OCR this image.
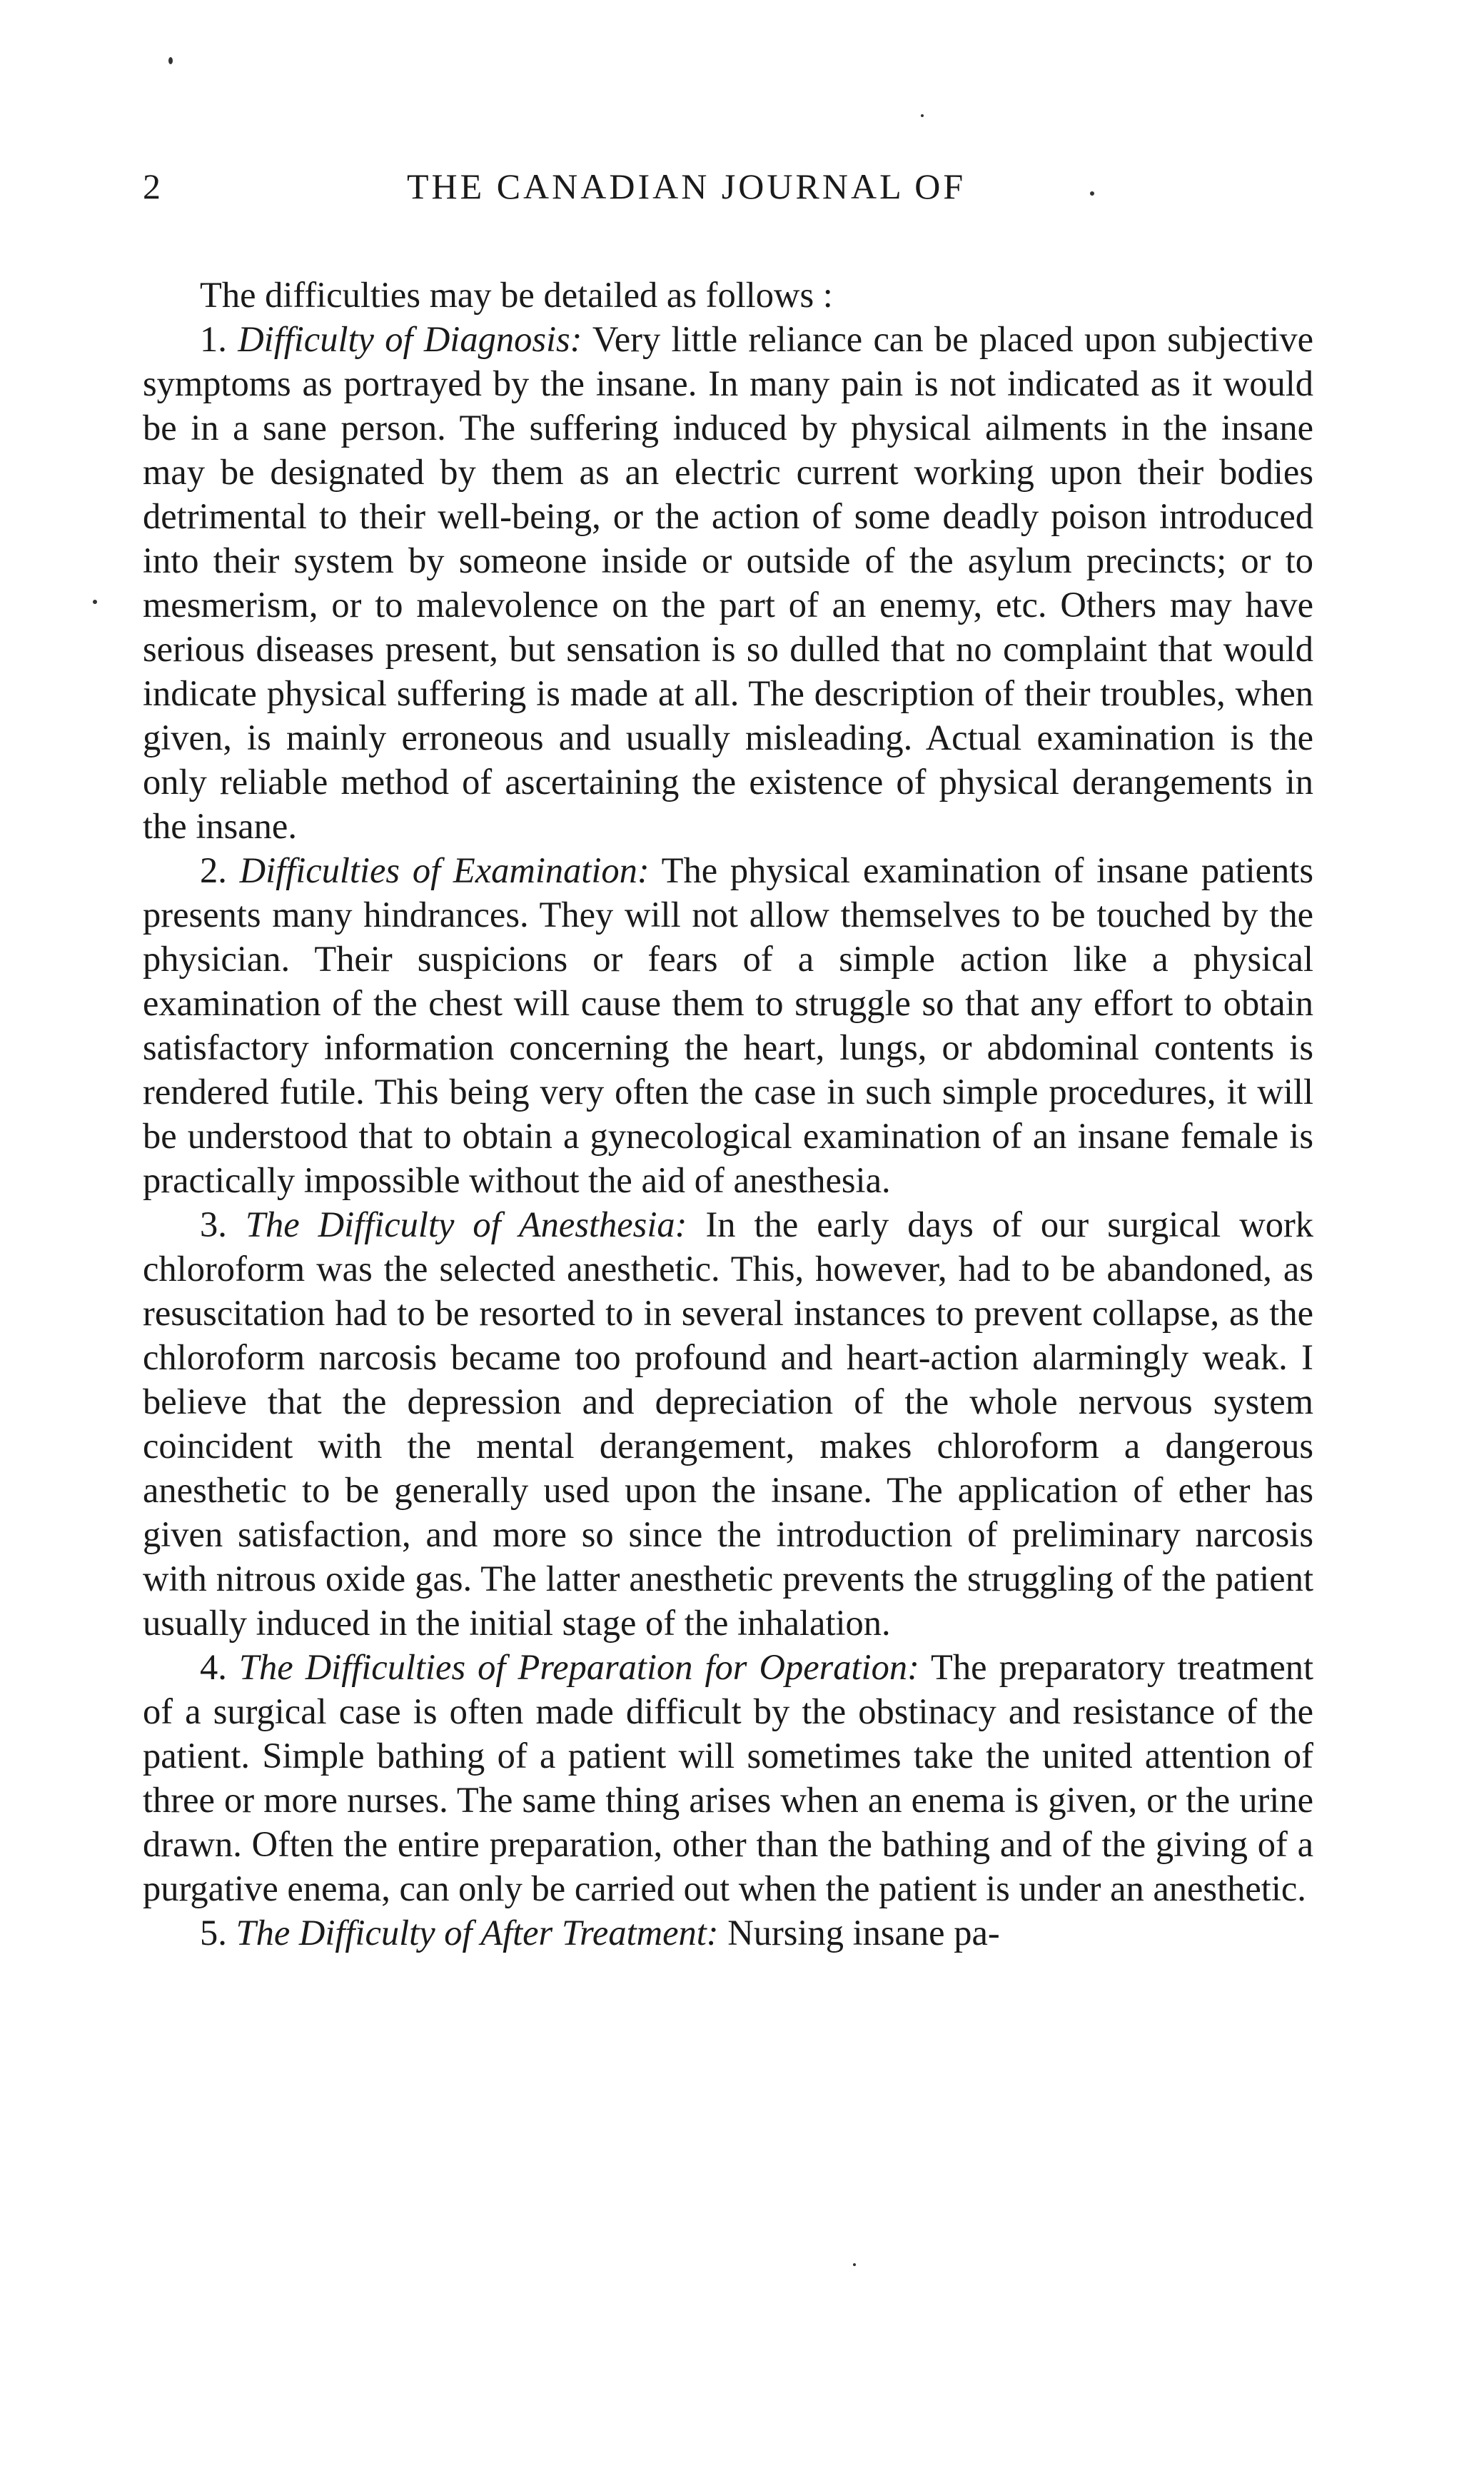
2	THE CANADIAN JOURNAL OF

The difficulties may be detailed as follows :

1. Difficulty of Diagnosis: Very little reliance can be placed upon subjective symptoms as portrayed by the insane. In many pain is not indicated as it would be in a sane person. The suffering induced by physical ailments in the insane may be designated by them as an electric current working upon their bodies detrimental to their well-being, or the action of some deadly poison introduced into their system by someone inside or outside of the asylum precincts; or to mesmerism, or to malevolence on the part of an enemy, etc. Others may have serious diseases present, but sensation is so dulled that no complaint that would indicate physical suffering is made at all. The description of their troubles, when given, is mainly erroneous and usually misleading. Actual examination is the only reliable method of ascertaining the existence of physical derangements in the insane.

2. Difficulties of Examination: The physical examination of insane patients presents many hindrances. They will not allow themselves to be touched by the physician. Their suspicions or fears of a simple action like a physical examination of the chest will cause them to struggle so that any effort to obtain satisfactory information concerning the heart, lungs, or abdominal contents is rendered futile. This being very often the case in such simple procedures, it will be understood that to obtain a gynecological examination of an insane female is practically impossible without the aid of anesthesia.

3. The Difficulty of Anesthesia: In the early days of our surgical work chloroform was the selected anesthetic. This, however, had to be abandoned, as resuscitation had to be resorted to in several instances to prevent collapse, as the chloroform narcosis became too profound and heart-action alarmingly weak. I believe that the depression and depreciation of the whole nervous system coincident with the mental derangement, makes chloroform a dangerous anesthetic to be generally used upon the insane. The application of ether has given satisfaction, and more so since the introduction of preliminary narcosis with nitrous oxide gas. The latter anesthetic prevents the struggling of the patient usually induced in the initial stage of the inhalation.

4. The Difficulties of Preparation for Operation: The preparatory treatment of a surgical case is often made difficult by the obstinacy and resistance of the patient. Simple bathing of a patient will sometimes take the united attention of three or more nurses. The same thing arises when an enema is given, or the urine drawn. Often the entire preparation, other than the bathing and of the giving of a purgative enema, can only be carried out when the patient is under an anesthetic.

5. The Difficulty of After Treatment: Nursing insane pa-
